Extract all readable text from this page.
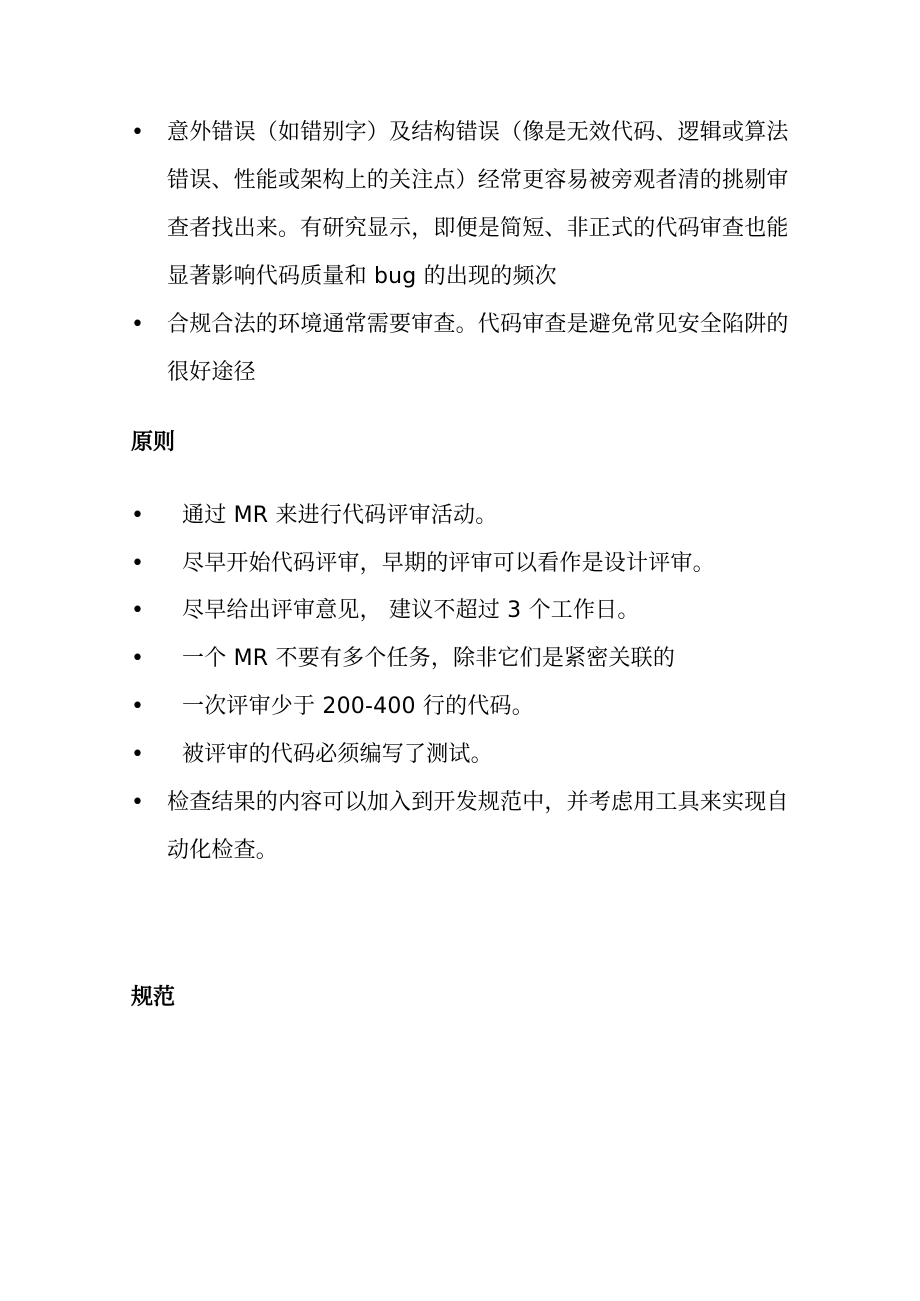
• 意外错误（如错别字）及结构错误（像是无效代码、逻辑或算法错误、性能或架构上的关注点）经常更容易被旁观者清的挑剔审查者找出来。有研究显示，即便是简短、非正式的代码审查也能显著影响代码质量和 bug 的出现的频次
• 合规合法的环境通常需要审查。代码审查是避免常见安全陷阱的很好途径
原则
• 通过 MR 来进行代码评审活动。
• 尽早开始代码评审，早期的评审可以看作是设计评审。
• 尽早给出评审意见， 建议不超过 3 个工作日。
• 一个 MR 不要有多个任务，除非它们是紧密关联的
• 一次评审少于 200-400 行的代码。
• 被评审的代码必须编写了测试。
• 检查结果的内容可以加入到开发规范中，并考虑用工具来实现自动化检查。
规范
